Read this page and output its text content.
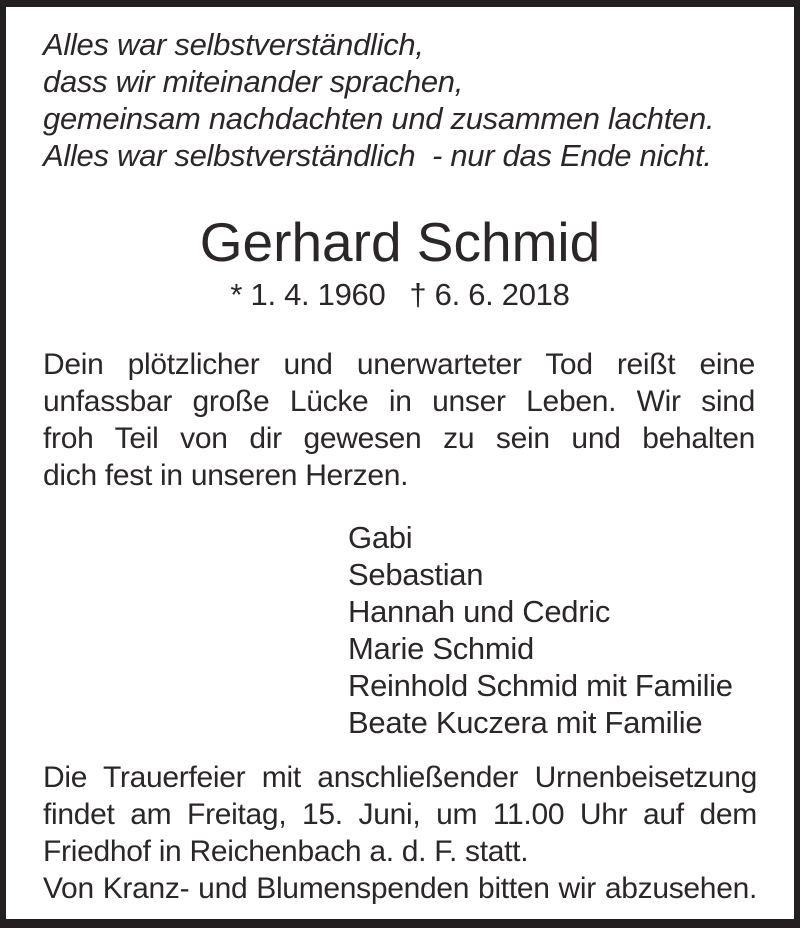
Alles war selbstverständlich,
dass wir miteinander sprachen,
gemeinsam nachdachten und zusammen lachten.
Alles war selbstverständlich  - nur das Ende nicht.
Gerhard Schmid
* 1. 4. 1960 † 6. 6. 2018
Dein plötzlicher und unerwarteter Tod reißt eine
unfassbar große Lücke in unser Leben. Wir sind
froh Teil von dir gewesen zu sein und behalten
dich fest in unseren Herzen.
Gabi
Sebastian
Hannah und Cedric
Marie Schmid
Reinhold Schmid mit Familie
Beate Kuczera mit Familie
Die Trauerfeier mit anschließender Urnenbeisetzung
findet am Freitag, 15. Juni, um 11.00 Uhr auf dem
Friedhof in Reichenbach a. d. F. statt.
Von Kranz- und Blumenspenden bitten wir abzusehen.
